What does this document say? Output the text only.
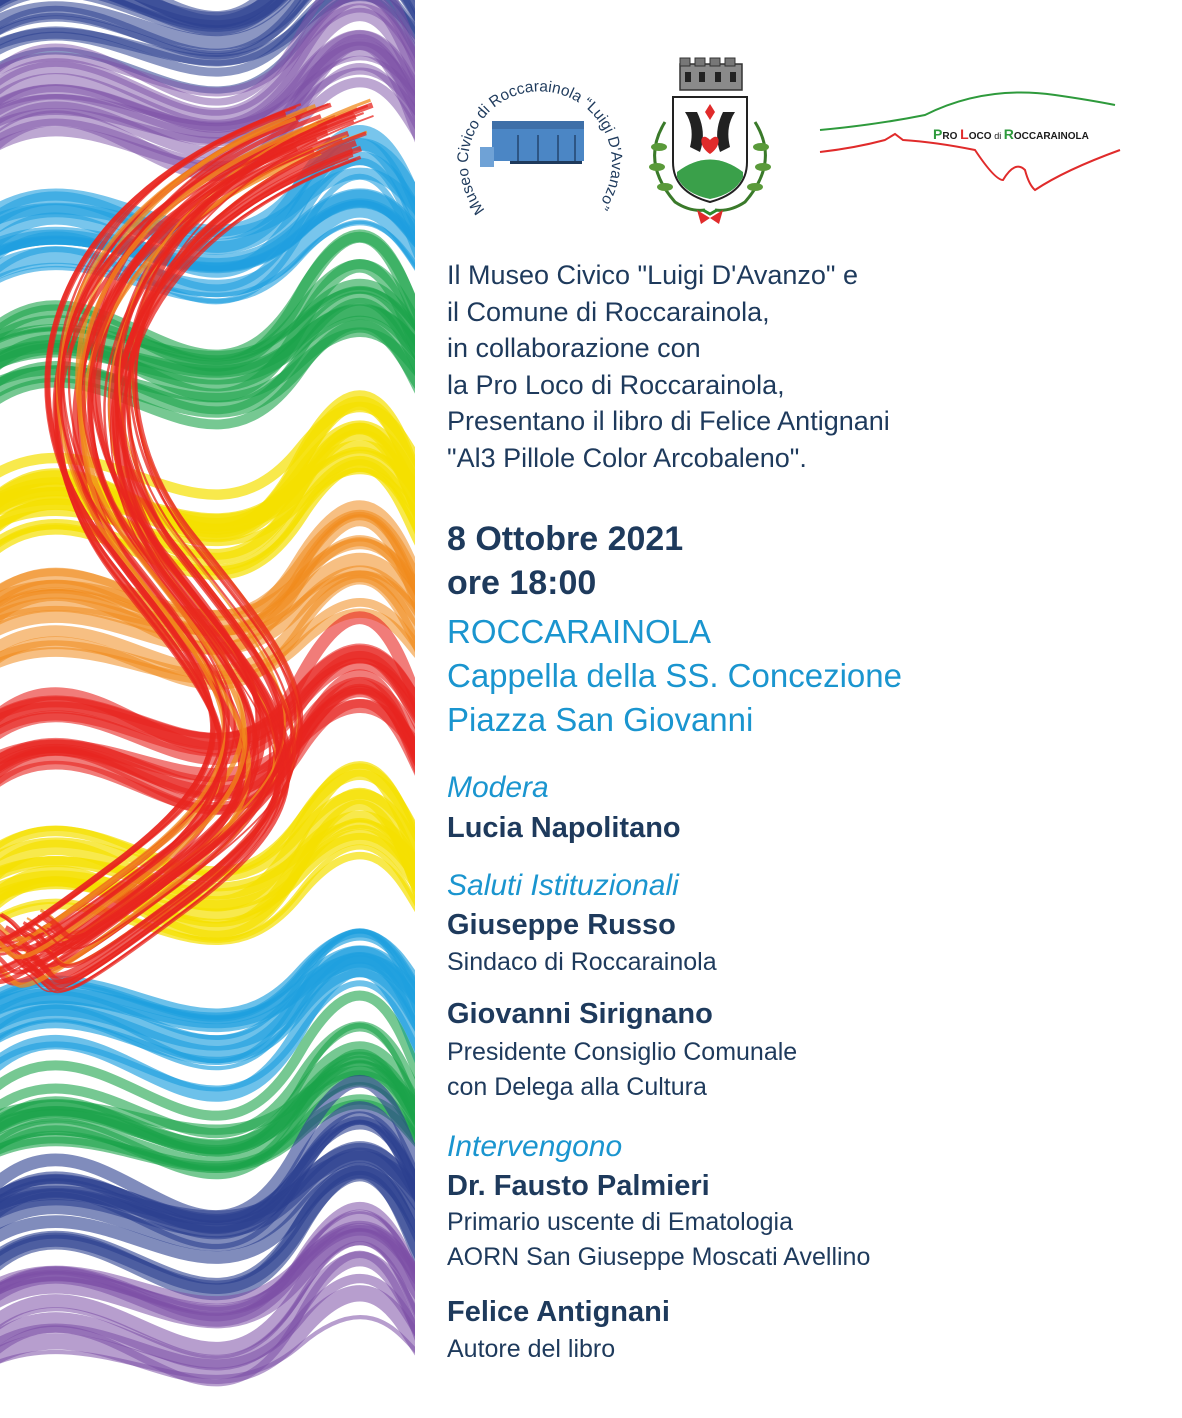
Museo Civico di Roccarainola “Luigi D'Avanzo”
PRO LOCO di ROCCARAINOLA
Il Museo Civico "Luigi D'Avanzo" e
il Comune di Roccarainola,
in collaborazione con
la Pro Loco di Roccarainola,
Presentano il libro di Felice Antignani
"Al3 Pillole Color Arcobaleno".
8 Ottobre 2021
ore 18:00
ROCCARAINOLA
Cappella della SS. Concezione
Piazza San Giovanni
Modera
Lucia Napolitano
Saluti Istituzionali
Giuseppe Russo
Sindaco di Roccarainola
Giovanni Sirignano
Presidente Consiglio Comunale
con Delega alla Cultura
Intervengono
Dr. Fausto Palmieri
Primario uscente di Ematologia
AORN San Giuseppe Moscati Avellino
Felice Antignani
Autore del libro
